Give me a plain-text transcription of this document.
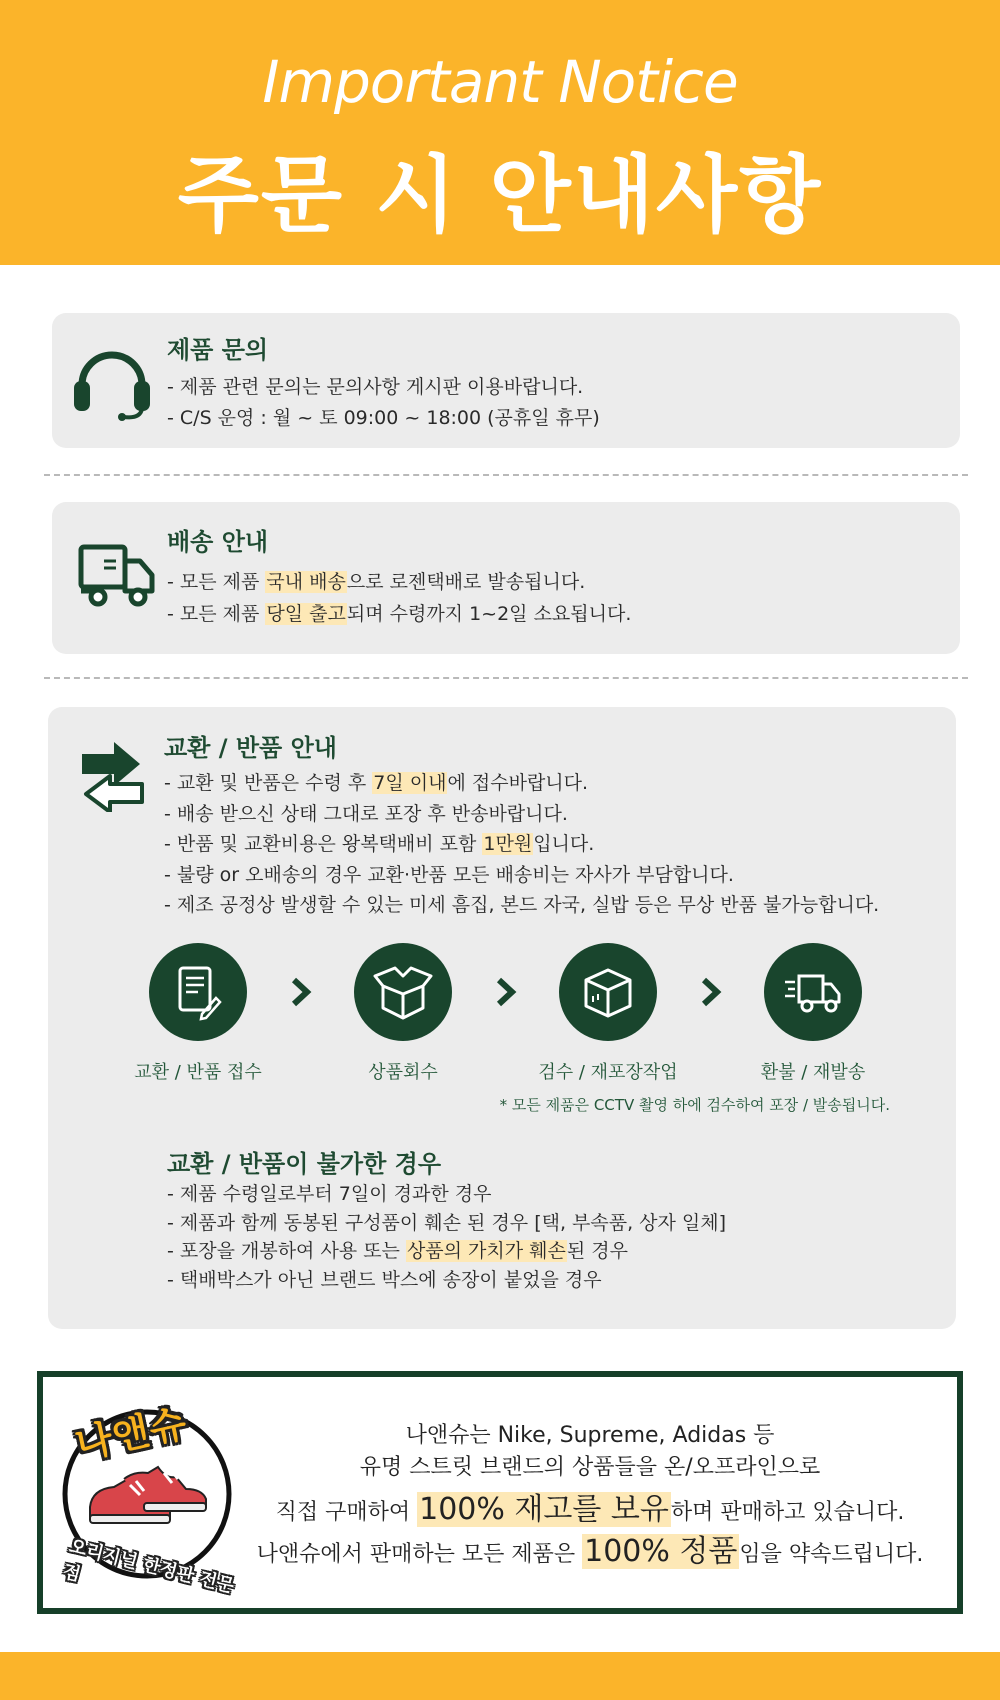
Important Notice
주문 시 안내사항
제품 문의
- 제품 관련 문의는 문의사항 게시판 이용바랍니다.
- C/S 운영 : 월 ~ 토 09:00 ~ 18:00 (공휴일 휴무)
배송 안내
- 모든 제품 국내 배송으로 로젠택배로 발송됩니다.
- 모든 제품 당일 출고되며 수령까지 1~2일 소요됩니다.
교환 / 반품 안내
- 교환 및 반품은 수령 후 7일 이내에 접수바랍니다.
- 배송 받으신 상태 그대로 포장 후 반송바랍니다.
- 반품 및 교환비용은 왕복택배비 포함 1만원입니다.
- 불량 or 오배송의 경우 교환·반품 모든 배송비는 자사가 부담합니다.
- 제조 공정상 발생할 수 있는 미세 흠집, 본드 자국, 실밥 등은 무상 반품 불가능합니다.
교환 / 반품 접수	상품회수	검수 / 재포장작업	환불 / 재발송
* 모든 제품은 CCTV 촬영 하에 검수하여 포장 / 발송됩니다.
교환 / 반품이 불가한 경우
- 제품 수령일로부터 7일이 경과한 경우
- 제품과 함께 동봉된 구성품이 훼손 된 경우 [택, 부속품, 상자 일체]
- 포장을 개봉하여 사용 또는 상품의 가치가 훼손된 경우
- 택배박스가 아닌 브랜드 박스에 송장이 붙었을 경우
나앤슈
오리지널 한정판 전문점
나앤슈는 Nike, Supreme, Adidas 등
유명 스트릿 브랜드의 상품들을 온/오프라인으로
직접 구매하여 100% 재고를 보유하며 판매하고 있습니다.
나앤슈에서 판매하는 모든 제품은 100% 정품임을 약속드립니다.
